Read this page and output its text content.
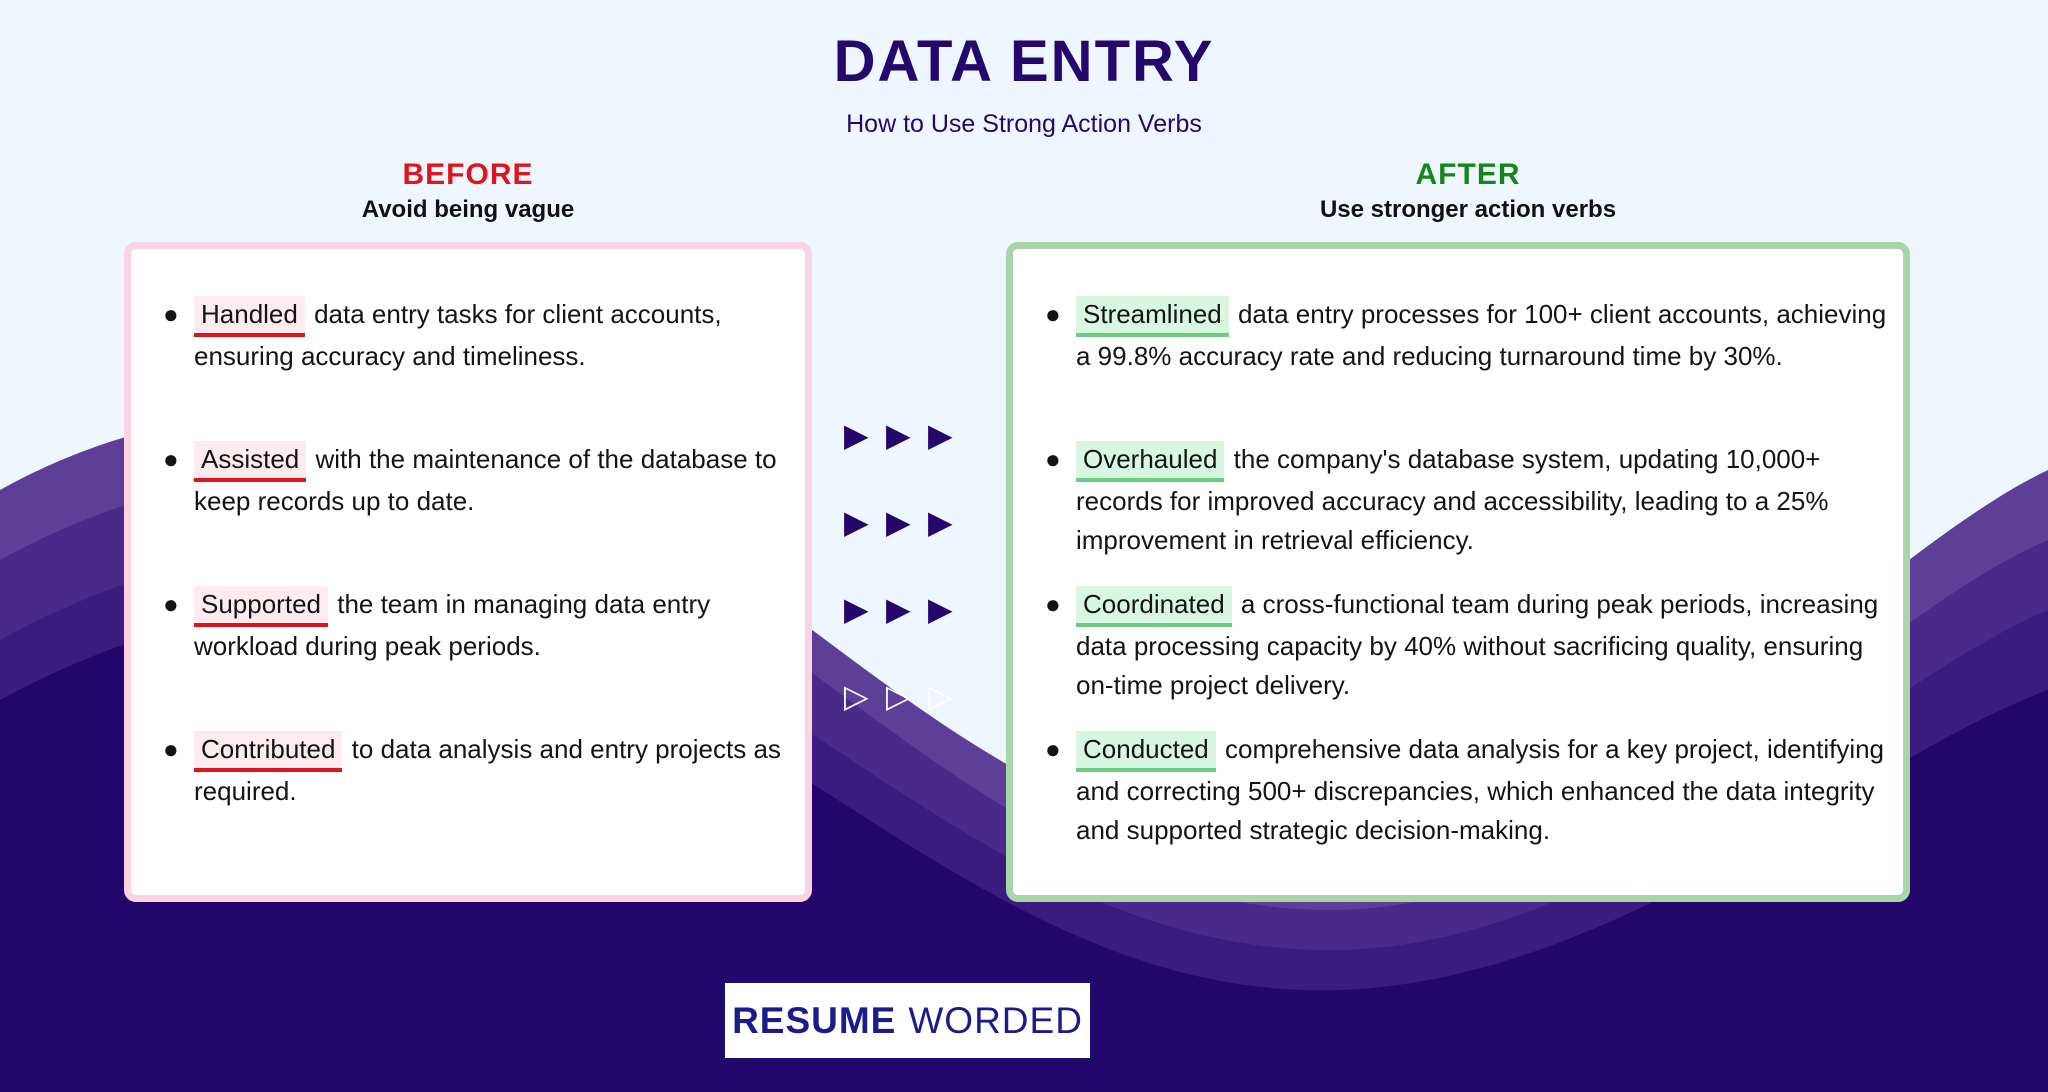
DATA ENTRY
How to Use Strong Action Verbs
BEFORE
Avoid being vague
AFTER
Use stronger action verbs
● Handled data entry tasks for client accounts, ensuring accuracy and timeliness.
● Assisted with the maintenance of the database to keep records up to date.
● Supported the team in managing data entry workload during peak periods.
● Contributed to data analysis and entry projects as required.
● Streamlined data entry processes for 100+ client accounts, achieving a 99.8% accuracy rate and reducing turnaround time by 30%.
● Overhauled the company's database system, updating 10,000+ records for improved accuracy and accessibility, leading to a 25% improvement in retrieval efficiency.
● Coordinated a cross-functional team during peak periods, increasing data processing capacity by 40% without sacrificing quality, ensuring on-time project delivery.
● Conducted comprehensive data analysis for a key project, identifying and correcting 500+ discrepancies, which enhanced the data integrity and supported strategic decision-making.
▶ ▶ ▶
▶ ▶ ▶
▶ ▶ ▶
▷ ▷ ▷
RESUME WORDED
